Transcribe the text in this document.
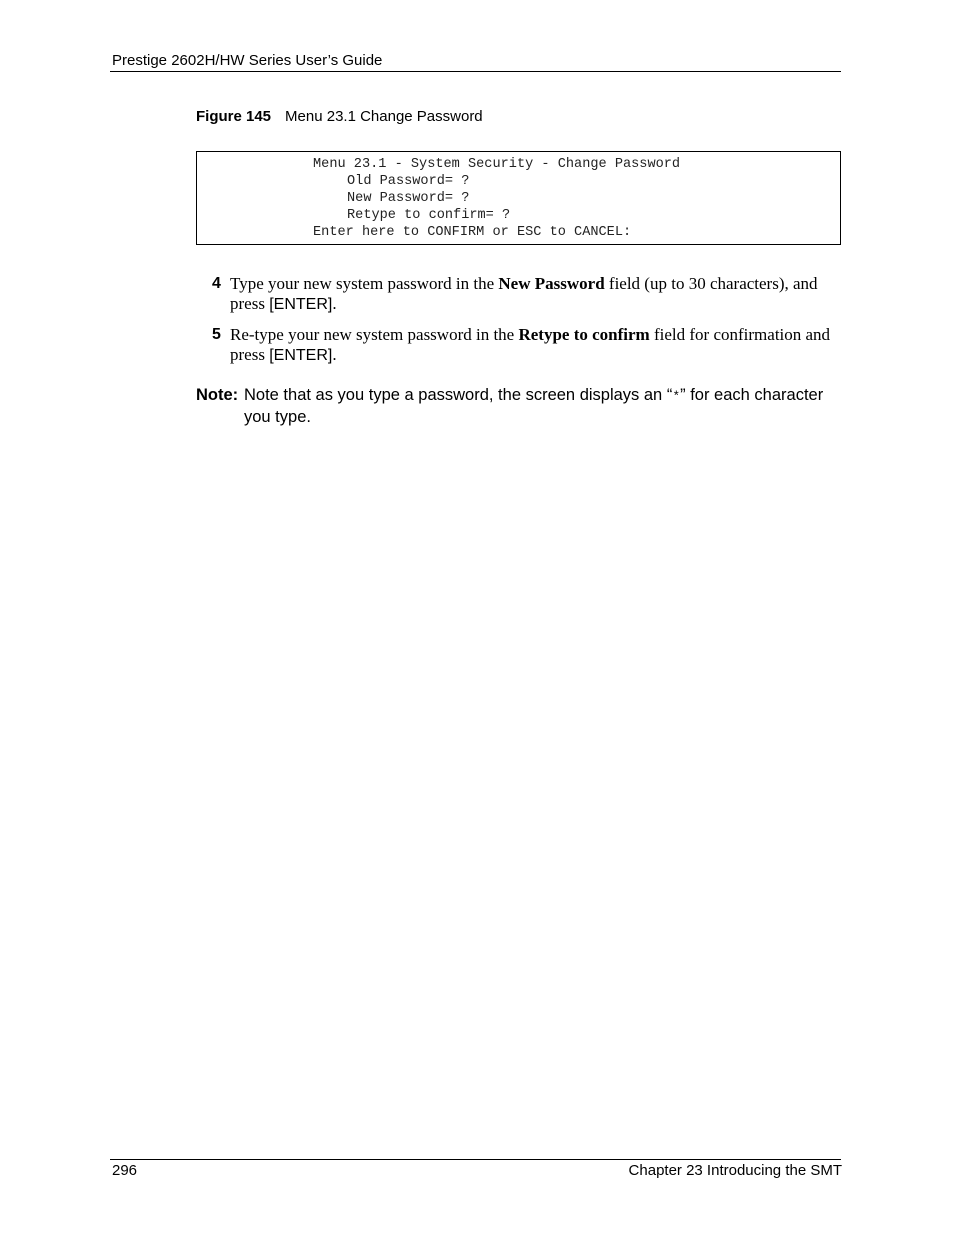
Prestige 2602H/HW Series User’s Guide
Figure 145 Menu 23.1 Change Password
Menu 23.1 - System Security - Change Password
Old Password= ?
New Password= ?
Retype to confirm= ?
Enter here to CONFIRM or ESC to CANCEL:
4 Type your new system password in the New Password field (up to 30 characters), and press [ENTER].
5 Re-type your new system password in the Retype to confirm field for confirmation and press [ENTER].
Note: Note that as you type a password, the screen displays an “*” for each character you type.
296	Chapter 23 Introducing the SMT
